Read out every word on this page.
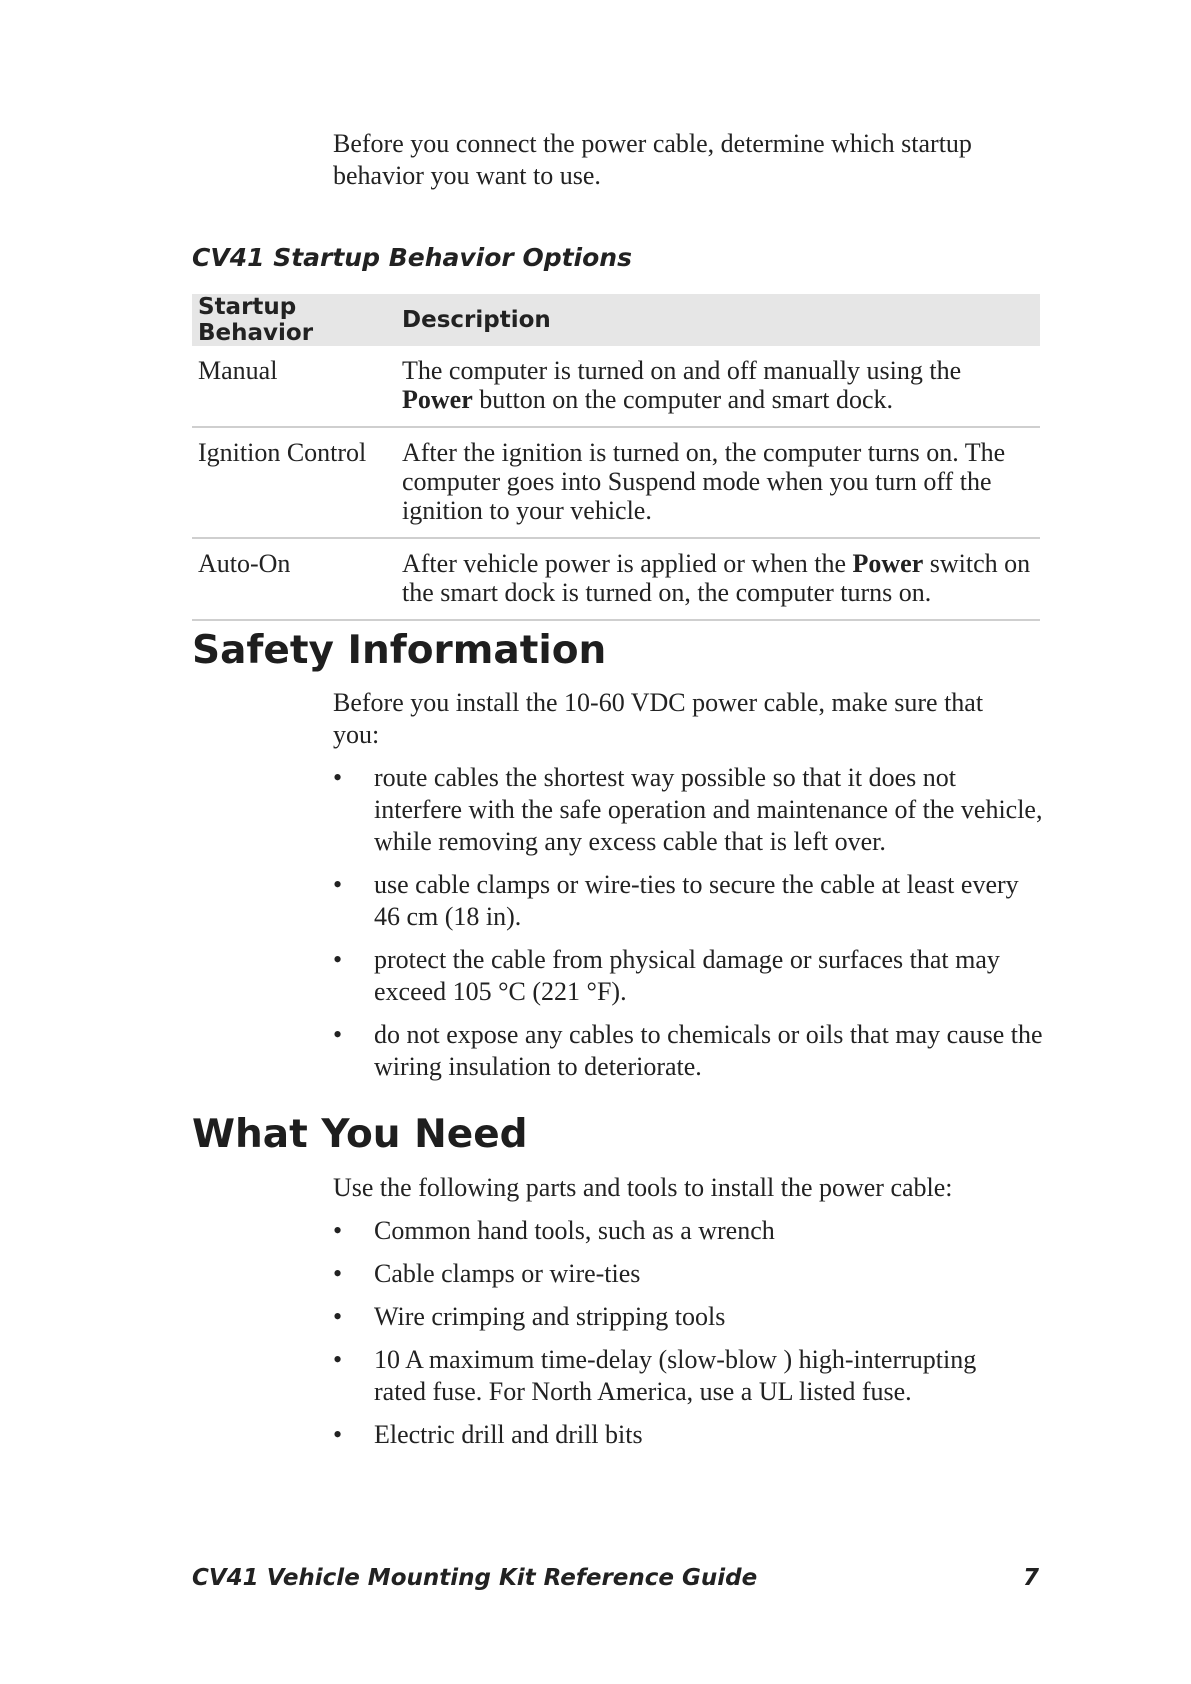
Before you connect the power cable, determine which startup behavior you want to use.
CV41 Startup Behavior Options
Startup Behavior	Description
Manual	The computer is turned on and off manually using the Power button on the computer and smart dock.
Ignition Control	After the ignition is turned on, the computer turns on. The computer goes into Suspend mode when you turn off the ignition to your vehicle.
Auto-On	After vehicle power is applied or when the Power switch on the smart dock is turned on, the computer turns on.
Safety Information
Before you install the 10-60 VDC power cable, make sure that you:
• route cables the shortest way possible so that it does not interfere with the safe operation and maintenance of the vehicle, while removing any excess cable that is left over.
• use cable clamps or wire-ties to secure the cable at least every 46 cm (18 in).
• protect the cable from physical damage or surfaces that may exceed 105 °C (221 °F).
• do not expose any cables to chemicals or oils that may cause the wiring insulation to deteriorate.
What You Need
Use the following parts and tools to install the power cable:
• Common hand tools, such as a wrench
• Cable clamps or wire-ties
• Wire crimping and stripping tools
• 10 A maximum time-delay (slow-blow ) high-interrupting rated fuse. For North America, use a UL listed fuse.
• Electric drill and drill bits
CV41 Vehicle Mounting Kit Reference Guide	7
